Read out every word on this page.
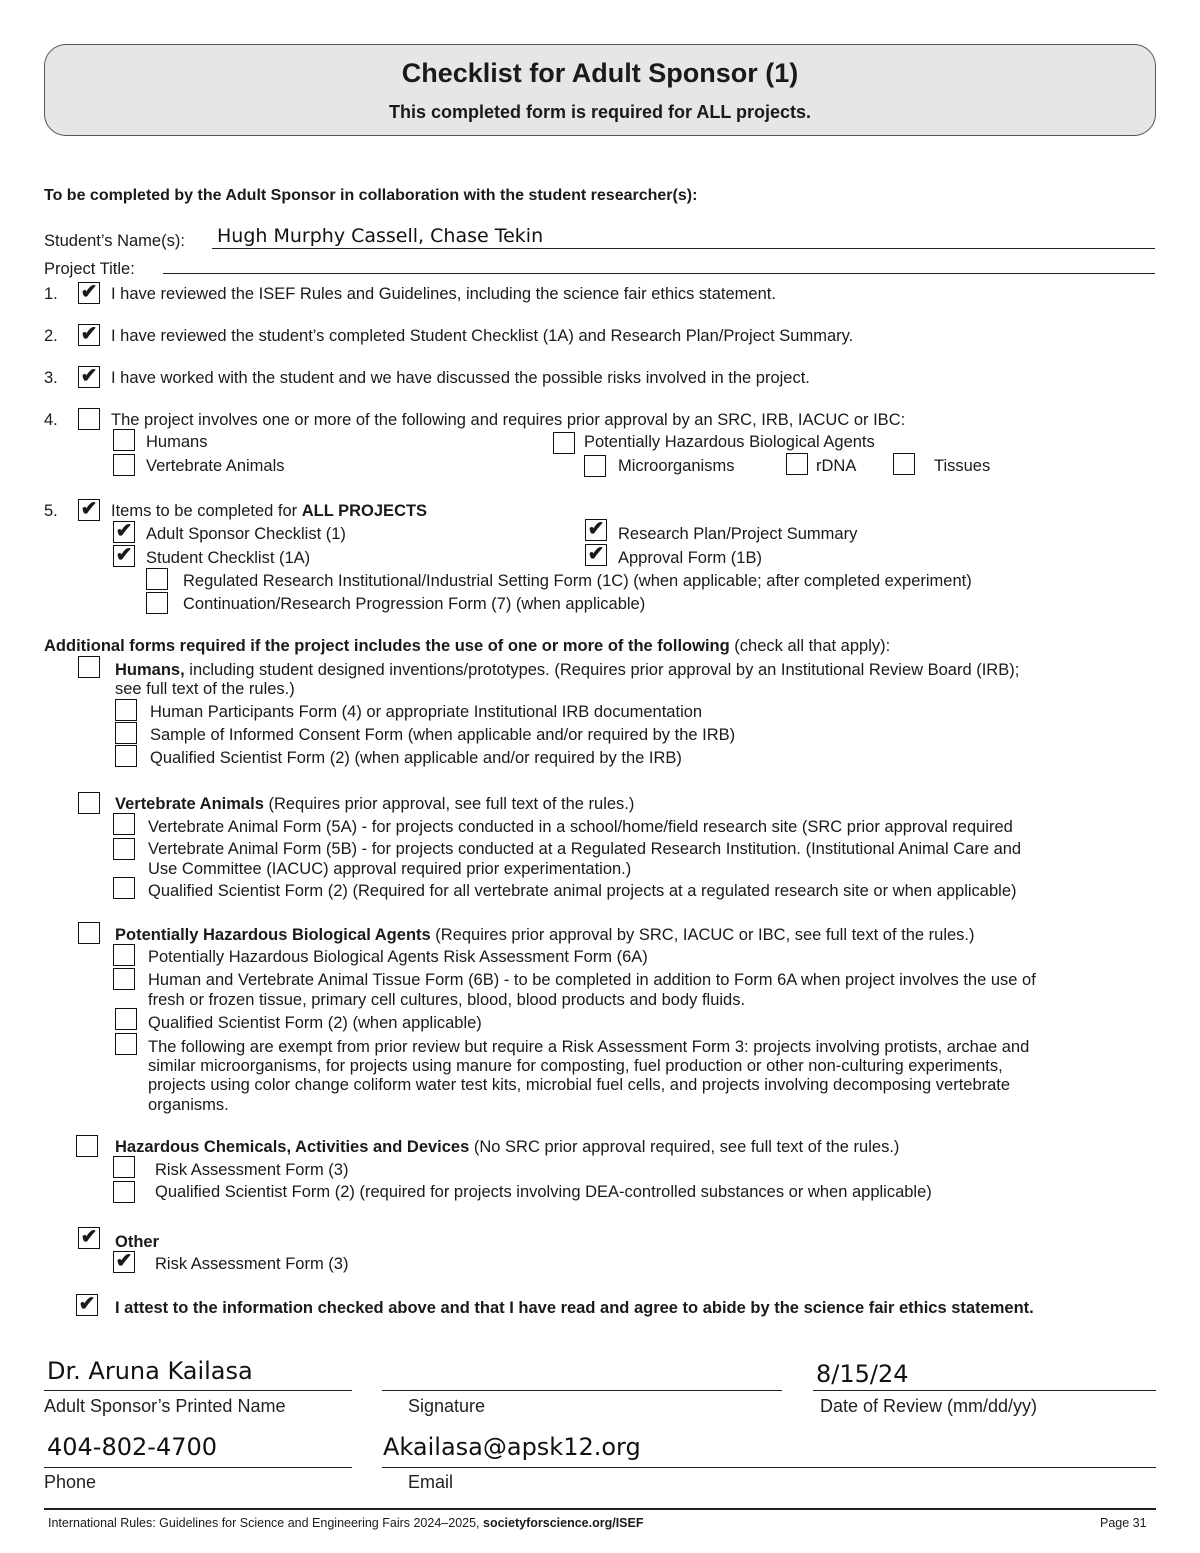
Checklist for Adult Sponsor (1)
This completed form is required for ALL projects.
To be completed by the Adult Sponsor in collaboration with the student researcher(s):
Student’s Name(s): Hugh Murphy Cassell, Chase Tekin
Project Title:
1. ✔ I have reviewed the ISEF Rules and Guidelines, including the science fair ethics statement.
2. ✔ I have reviewed the student’s completed Student Checklist (1A) and Research Plan/Project Summary.
3. ✔ I have worked with the student and we have discussed the possible risks involved in the project.
4.	The project involves one or more of the following and requires prior approval by an SRC, IRB, IACUC or IBC:
Humans	Potentially Hazardous Biological Agents
Vertebrate Animals	Microorganisms	rDNA	Tissues
5. ✔ Items to be completed for ALL PROJECTS
✔ Adult Sponsor Checklist (1)	✔ Research Plan/Project Summary
✔ Student Checklist (1A)	✔ Approval Form (1B)
Regulated Research Institutional/Industrial Setting Form (1C) (when applicable; after completed experiment)
Continuation/Research Progression Form (7) (when applicable)
Additional forms required if the project includes the use of one or more of the following (check all that apply):
Humans, including student designed inventions/prototypes. (Requires prior approval by an Institutional Review Board (IRB);
see full text of the rules.)
Human Participants Form (4) or appropriate Institutional IRB documentation
Sample of Informed Consent Form (when applicable and/or required by the IRB)
Qualified Scientist Form (2) (when applicable and/or required by the IRB)
Vertebrate Animals (Requires prior approval, see full text of the rules.)
Vertebrate Animal Form (5A) - for projects conducted in a school/home/field research site (SRC prior approval required
Vertebrate Animal Form (5B) - for projects conducted at a Regulated Research Institution. (Institutional Animal Care and
Use Committee (IACUC) approval required prior experimentation.)
Qualified Scientist Form (2) (Required for all vertebrate animal projects at a regulated research site or when applicable)
Potentially Hazardous Biological Agents (Requires prior approval by SRC, IACUC or IBC, see full text of the rules.)
Potentially Hazardous Biological Agents Risk Assessment Form (6A)
Human and Vertebrate Animal Tissue Form (6B) - to be completed in addition to Form 6A when project involves the use of
fresh or frozen tissue, primary cell cultures, blood, blood products and body fluids.
Qualified Scientist Form (2) (when applicable)
The following are exempt from prior review but require a Risk Assessment Form 3: projects involving protists, archae and
similar microorganisms, for projects using manure for composting, fuel production or other non-culturing experiments,
projects using color change coliform water test kits, microbial fuel cells, and projects involving decomposing vertebrate
organisms.
Hazardous Chemicals, Activities and Devices (No SRC prior approval required, see full text of the rules.)
Risk Assessment Form (3)
Qualified Scientist Form (2) (required for projects involving DEA-controlled substances or when applicable)
✔ Other
✔ Risk Assessment Form (3)
✔ I attest to the information checked above and that I have read and agree to abide by the science fair ethics statement.
Dr. Aruna Kailasa
Adult Sponsor’s Printed Name	Signature
8/15/24
Date of Review (mm/dd/yy)
404-802-4700
Phone
Akailasa@apsk12.org
Email
International Rules: Guidelines for Science and Engineering Fairs 2024–2025, societyforscience.org/ISEF	Page 31
